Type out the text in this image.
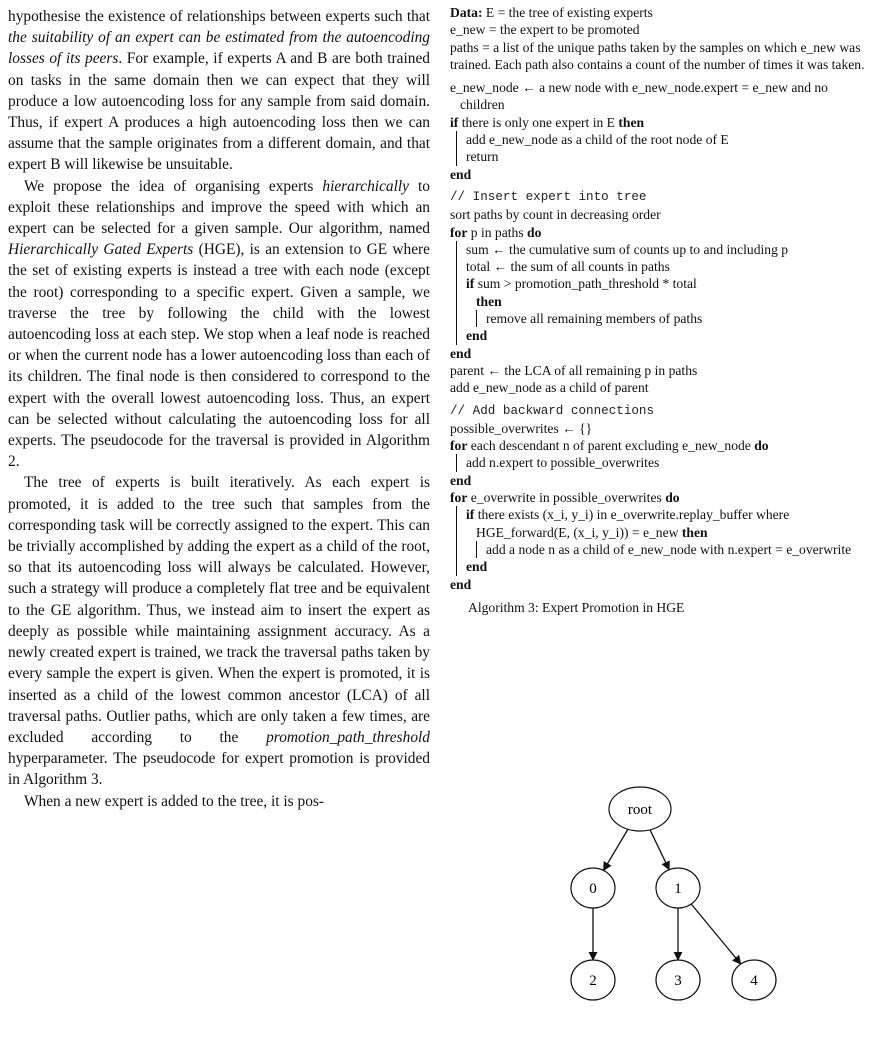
hypothesise the existence of relationships between experts such that the suitability of an expert can be estimated from the autoencoding losses of its peers. For example, if experts A and B are both trained on tasks in the same domain then we can expect that they will produce a low autoencoding loss for any sample from said domain. Thus, if expert A produces a high autoencoding loss then we can assume that the sample originates from a different domain, and that expert B will likewise be unsuitable.

We propose the idea of organising experts hierarchically to exploit these relationships and improve the speed with which an expert can be selected for a given sample. Our algorithm, named Hierarchically Gated Experts (HGE), is an extension to GE where the set of existing experts is instead a tree with each node (except the root) corresponding to a specific expert. Given a sample, we traverse the tree by following the child with the lowest autoencoding loss at each step. We stop when a leaf node is reached or when the current node has a lower autoencoding loss than each of its children. The final node is then considered to correspond to the expert with the overall lowest autoencoding loss. Thus, an expert can be selected without calculating the autoencoding loss for all experts. The pseudocode for the traversal is provided in Algorithm 2.

The tree of experts is built iteratively. As each expert is promoted, it is added to the tree such that samples from the corresponding task will be correctly assigned to the expert. This can be trivially accomplished by adding the expert as a child of the root, so that its autoencoding loss will always be calculated. However, such a strategy will produce a completely flat tree and be equivalent to the GE algorithm. Thus, we instead aim to insert the expert as deeply as possible while maintaining assignment accuracy. As a newly created expert is trained, we track the traversal paths taken by every sample the expert is given. When the expert is promoted, it is inserted as a child of the lowest common ancestor (LCA) of all traversal paths. Outlier paths, which are only taken a few times, are excluded according to the promotion_path_threshold hyperparameter. The pseudocode for expert promotion is provided in Algorithm 3.

When a new expert is added to the tree, it is pos-

Data: E = the tree of existing experts
e_new = the expert to be promoted
paths = a list of the unique paths taken by the samples on which e_new was trained. Each path also contains a count of the number of times it was taken.
e_new_node ← a new node with e_new_node.expert = e_new and no children
if there is only one expert in E then
add e_new_node as a child of the root node of E
return
end
// Insert expert into tree
sort paths by count in decreasing order
for p in paths do
sum ← the cumulative sum of counts up to and including p
total ← the sum of all counts in paths
if sum > promotion_path_threshold * total
then
remove all remaining members of paths
end
end
parent ← the LCA of all remaining p in paths
add e_new_node as a child of parent
// Add backward connections
possible_overwrites ← {}
for each descendant n of parent excluding e_new_node do
add n.expert to possible_overwrites
end
for e_overwrite in possible_overwrites do
if there exists (x_i, y_i) in e_overwrite.replay_buffer where HGE_forward(E, (x_i, y_i)) = e_new then
add a node n as a child of e_new_node with n.expert = e_overwrite
end
end
Algorithm 3: Expert Promotion in HGE
root
0	1
2	3	4
